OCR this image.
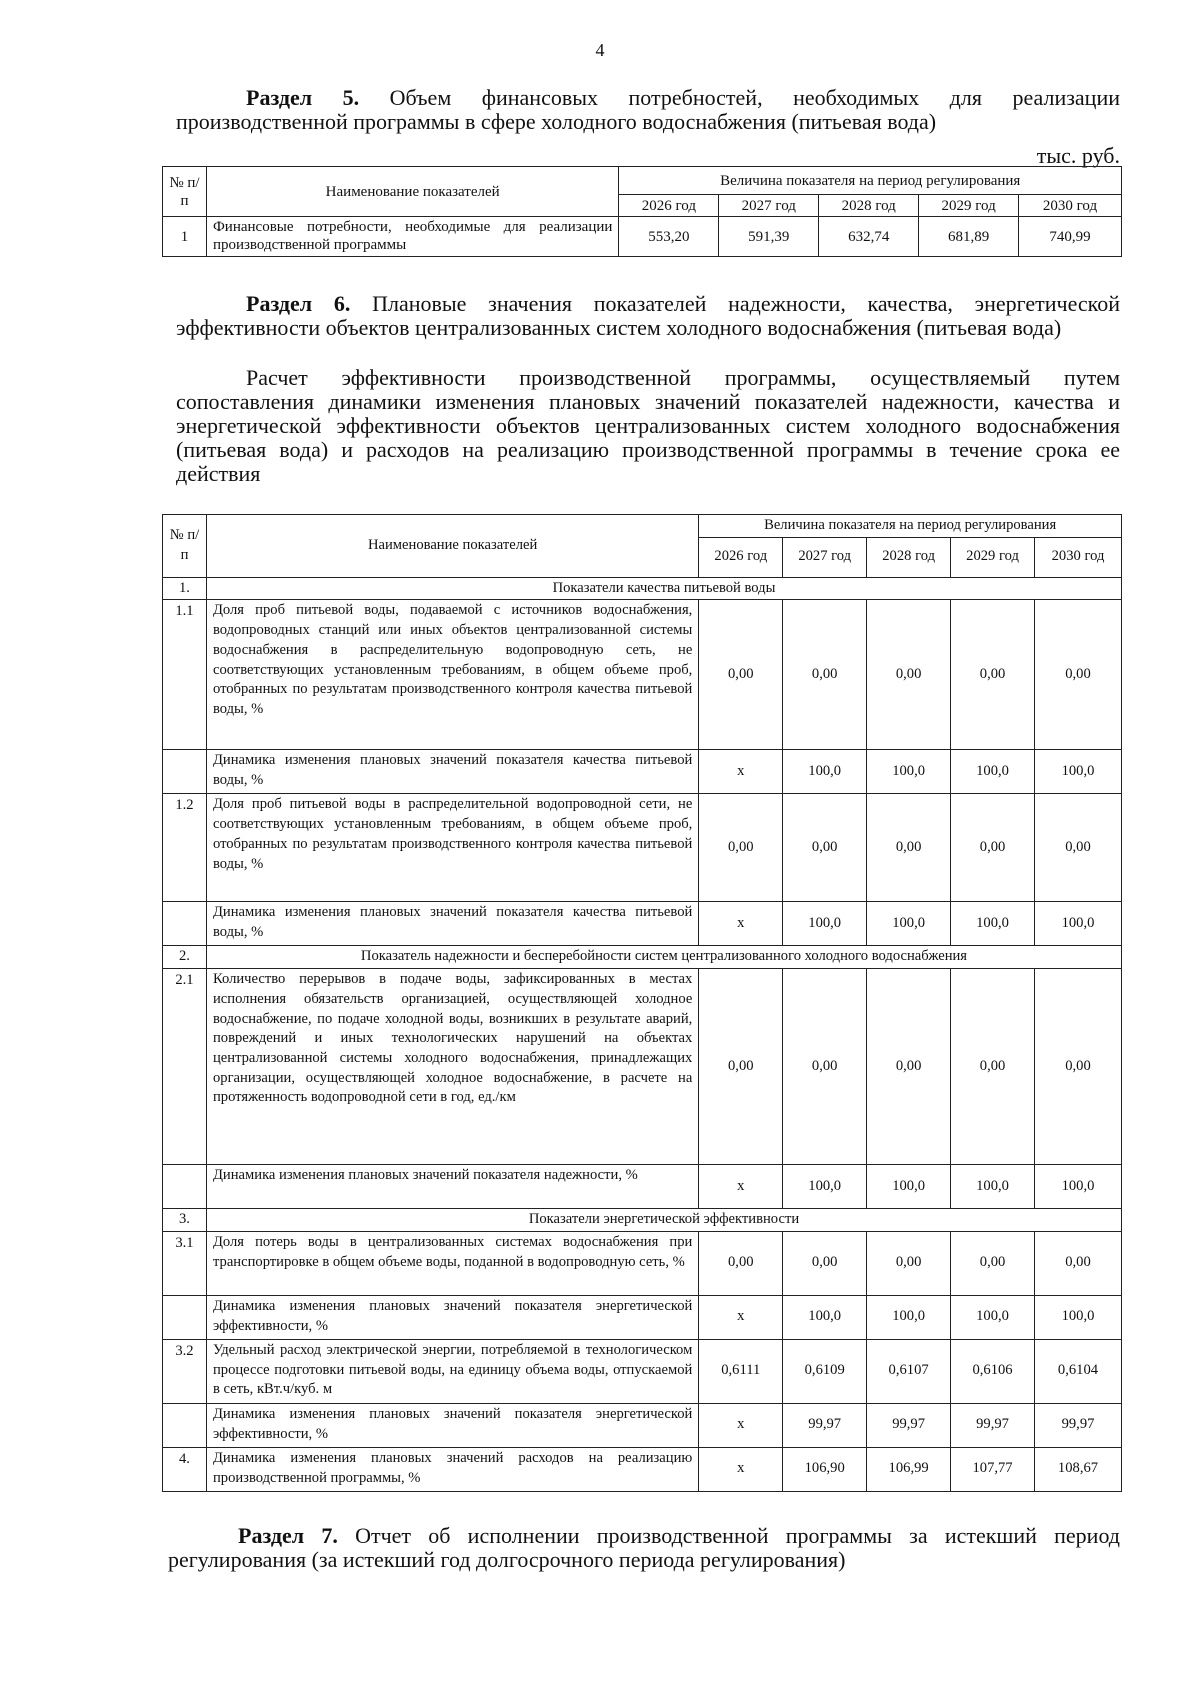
4
Раздел 5. Объем финансовых потребностей, необходимых для реализации производственной программы в сфере холодного водоснабжения (питьевая вода)
тыс. руб.
№ п/п	Наименование показателей	Величина показателя на период регулирования				
		2026 год	2027 год	2028 год	2029 год	2030 год
1	Финансовые потребности, необходимые для реализации производственной программы	553,20	591,39	632,74	681,89	740,99
Раздел 6. Плановые значения показателей надежности, качества, энергетической эффективности объектов централизованных систем холодного водоснабжения (питьевая вода)
Расчет эффективности производственной программы, осуществляемый путем сопоставления динамики изменения плановых значений показателей надежности, качества и энергетической эффективности объектов централизованных систем холодного водоснабжения (питьевая вода) и расходов на реализацию производственной программы в течение срока ее действия
№ п/п	Наименование показателей	Величина показателя на период регулирования				
		2026 год	2027 год	2028 год	2029 год	2030 год
1.	Показатели качества питьевой воды					
1.1	Доля проб питьевой воды, подаваемой с источников водоснабжения, водопроводных станций или иных объектов централизованной системы водоснабжения в распределительную водопроводную сеть, не соответствующих установленным требованиям, в общем объеме проб, отобранных по результатам производственного контроля качества питьевой воды, %	0,00	0,00	0,00	0,00	0,00
	Динамика изменения плановых значений показателя качества питьевой воды, %	х	100,0	100,0	100,0	100,0
1.2	Доля проб питьевой воды в распределительной водопроводной сети, не соответствующих установленным требованиям, в общем объеме проб, отобранных по результатам производственного контроля качества питьевой воды, %	0,00	0,00	0,00	0,00	0,00
	Динамика изменения плановых значений показателя качества питьевой воды, %	х	100,0	100,0	100,0	100,0
2.	Показатель надежности и бесперебойности систем централизованного холодного водоснабжения					
2.1	Количество перерывов в подаче воды, зафиксированных в местах исполнения обязательств организацией, осуществляющей холодное водоснабжение, по подаче холодной воды, возникших в результате аварий, повреждений и иных технологических нарушений на объектах централизованной системы холодного водоснабжения, принадлежащих организации, осуществляющей холодное водоснабжение, в расчете на протяженность водопроводной сети в год, ед./км	0,00	0,00	0,00	0,00	0,00
	Динамика изменения плановых значений показателя надежности, %	х	100,0	100,0	100,0	100,0
3.	Показатели энергетической эффективности					
3.1	Доля потерь воды в централизованных системах водоснабжения при транспортировке в общем объеме воды, поданной в водопроводную сеть, %	0,00	0,00	0,00	0,00	0,00
	Динамика изменения плановых значений показателя энергетической эффективности, %	х	100,0	100,0	100,0	100,0
3.2	Удельный расход электрической энергии, потребляемой в технологическом процессе подготовки питьевой воды, на единицу объема воды, отпускаемой в сеть, кВт.ч/куб. м	0,6111	0,6109	0,6107	0,6106	0,6104
	Динамика изменения плановых значений показателя энергетической эффективности, %	х	99,97	99,97	99,97	99,97
4.	Динамика изменения плановых значений расходов на реализацию производственной программы, %	х	106,90	106,99	107,77	108,67
Раздел 7. Отчет об исполнении производственной программы за истекший период регулирования (за истекший год долгосрочного периода регулирования)
